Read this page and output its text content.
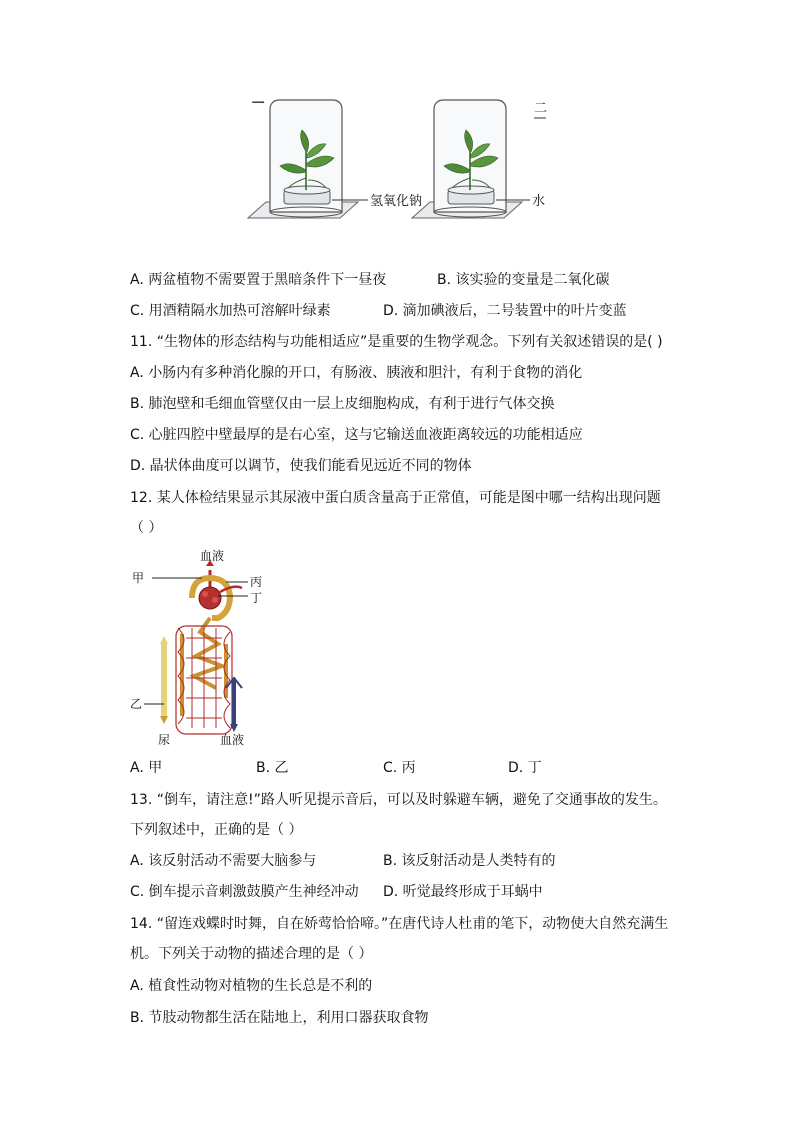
一	二
氢氧化钠	水
A. 两盆植物不需要置于黑暗条件下一昼夜	B. 该实验的变量是二氧化碳
C. 用酒精隔水加热可溶解叶绿素	D. 滴加碘液后，二号装置中的叶片变蓝
11. “生物体的形态结构与功能相适应”是重要的生物学观念。下列有关叙述错误的是( )
A. 小肠内有多种消化腺的开口，有肠液、胰液和胆汁，有利于食物的消化
B. 肺泡壁和毛细血管壁仅由一层上皮细胞构成，有利于进行气体交换
C. 心脏四腔中壁最厚的是右心室，这与它输送血液距离较远的功能相适应
D. 晶状体曲度可以调节，使我们能看见远近不同的物体
12. 某人体检结果显示其尿液中蛋白质含量高于正常值，可能是图中哪一结构出现问题
（ ）
血液
甲	丙
丁
乙
尿	血液
A. 甲	B. 乙	C. 丙	D. 丁
13. “倒车，请注意!”路人听见提示音后，可以及时躲避车辆，避免了交通事故的发生。
下列叙述中，正确的是（ ）
A. 该反射活动不需要大脑参与	B. 该反射活动是人类特有的
C. 倒车提示音刺激鼓膜产生神经冲动 D. 听觉最终形成于耳蜗中
14. “留连戏蝶时时舞，自在娇莺恰恰啼。”在唐代诗人杜甫的笔下，动物使大自然充满生
机。下列关于动物的描述合理的是（ ）
A. 植食性动物对植物的生长总是不利的
B. 节肢动物都生活在陆地上，利用口器获取食物
